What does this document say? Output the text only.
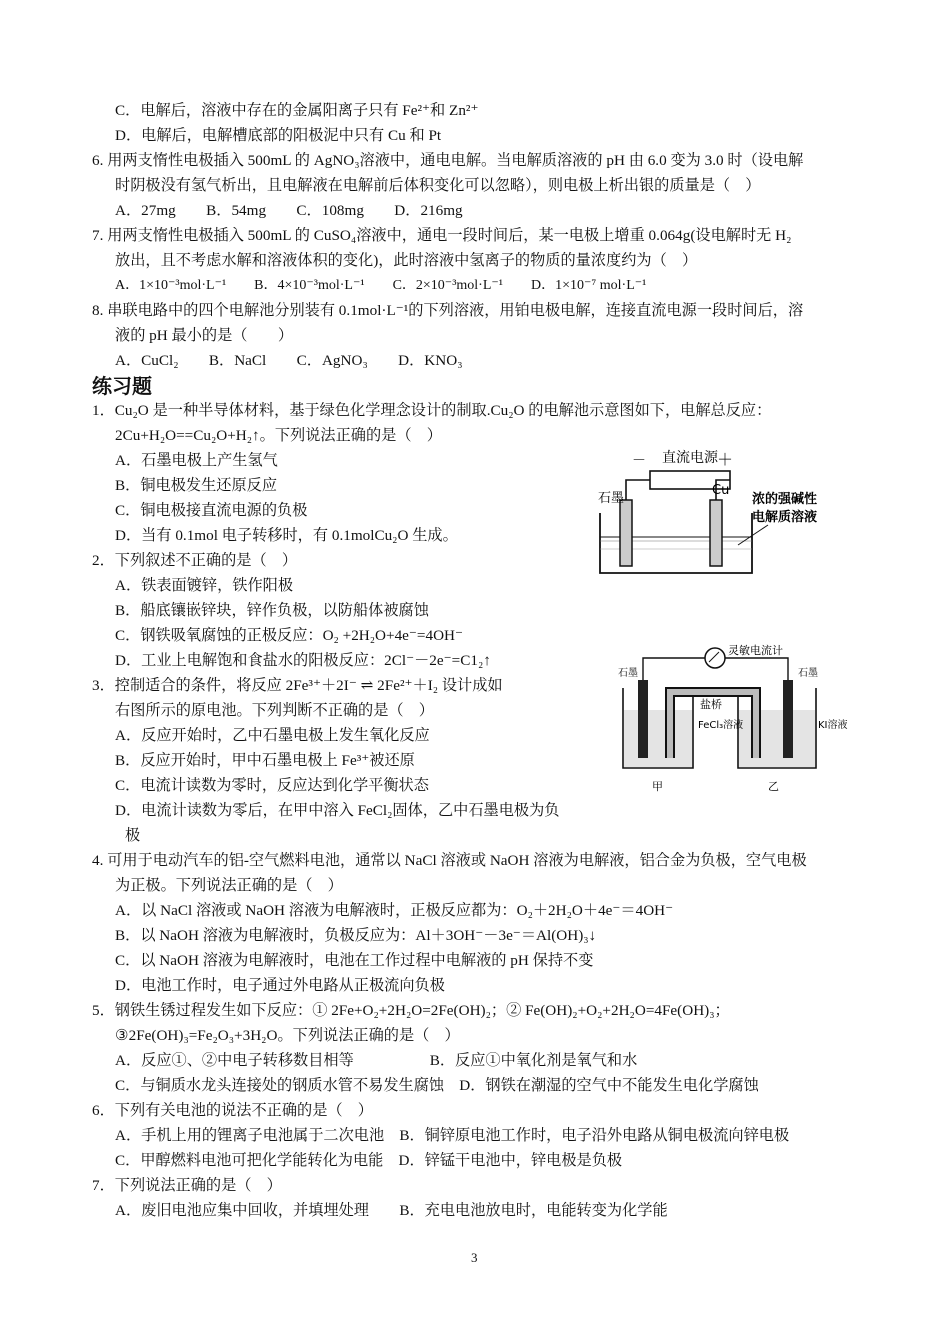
C．电解后，溶液中存在的金属阳离子只有 Fe²⁺和 Zn²⁺
D．电解后，电解槽底部的阳极泥中只有 Cu 和 Pt
6. 用两支惰性电极插入 500mL 的 AgNO₃溶液中，通电电解。当电解质溶液的 pH 由 6.0 变为 3.0 时（设电解
时阴极没有氢气析出，且电解液在电解前后体积变化可以忽略），则电极上析出银的质量是（　）
A．27mg　　B．54mg　　C．108mg　　D．216mg
7. 用两支惰性电极插入 500mL 的 CuSO₄溶液中，通电一段时间后，某一电极上增重 0.064g(设电解时无 H₂
放出，且不考虑水解和溶液体积的变化)，此时溶液中氢离子的物质的量浓度约为（　）
A．1×10⁻³mol·L⁻¹　　B．4×10⁻³mol·L⁻¹　　C．2×10⁻³mol·L⁻¹　　D．1×10⁻⁷ mol·L⁻¹
8. 串联电路中的四个电解池分别装有 0.1mol·L⁻¹的下列溶液，用铂电极电解，连接直流电源一段时间后，溶
液的 pH 最小的是（　　）
A．CuCl₂　　B．NaCl　　C．AgNO₃　　D．KNO₃
练习题
1．Cu₂O 是一种半导体材料，基于绿色化学理念设计的制取.Cu₂O 的电解池示意图如下，电解总反应：
2Cu+H₂O==Cu₂O+H₂↑。下列说法正确的是（　）
A．石墨电极上产生氢气
B．铜电极发生还原反应
C．铜电极接直流电源的负极
D．当有 0.1mol 电子转移时，有 0.1molCu₂O 生成。
2．下列叙述不正确的是（　）
A．铁表面镀锌，铁作阳极
B．船底镶嵌锌块，锌作负极，以防船体被腐蚀
C．钢铁吸氧腐蚀的正极反应：O₂ +2H₂O+4e⁻=4OH⁻
D．工业上电解饱和食盐水的阳极反应：2Cl⁻－2e⁻=C1₂↑
3．控制适合的条件，将反应 2Fe³⁺＋2I⁻ ⇌ 2Fe²⁺＋I₂ 设计成如
右图所示的原电池。下列判断不正确的是（　）
A．反应开始时，乙中石墨电极上发生氧化反应
B．反应开始时，甲中石墨电极上 Fe³⁺被还原
C．电流计读数为零时，反应达到化学平衡状态
D．电流计读数为零后，在甲中溶入 FeCl₂固体，乙中石墨电极为负
极
4. 可用于电动汽车的铝-空气燃料电池，通常以 NaCl 溶液或 NaOH 溶液为电解液，铝合金为负极，空气电极
为正极。下列说法正确的是（　）
A．以 NaCl 溶液或 NaOH 溶液为电解液时，正极反应都为：O₂＋2H₂O＋4e⁻＝4OH⁻
B．以 NaOH 溶液为电解液时，负极反应为：Al＋3OH⁻－3e⁻＝Al(OH)₃↓
C．以 NaOH 溶液为电解液时，电池在工作过程中电解液的 pH 保持不变
D．电池工作时，电子通过外电路从正极流向负极
5．钢铁生锈过程发生如下反应：① 2Fe+O₂+2H₂O=2Fe(OH)₂；② Fe(OH)₂+O₂+2H₂O=4Fe(OH)₃；
③2Fe(OH)₃=Fe₂O₃+3H₂O。下列说法正确的是（　）
A．反应①、②中电子转移数目相等　　　　　B．反应①中氧化剂是氧气和水
C．与铜质水龙头连接处的钢质水管不易发生腐蚀　D．钢铁在潮湿的空气中不能发生电化学腐蚀
6．下列有关电池的说法不正确的是（　）
A．手机上用的锂离子电池属于二次电池　B．铜锌原电池工作时，电子沿外电路从铜电极流向锌电极
C．甲醇燃料电池可把化学能转化为电能　D．锌锰干电池中，锌电极是负极
7．下列说法正确的是（　）
A．废旧电池应集中回收，并填埋处理　　B．充电电池放电时，电能转变为化学能
直流电源
－	＋
石墨
Cu
浓的强碱性
电解质溶液
灵敏电流计
石墨	石墨
盐桥
FeCl₃溶液	KI溶液
甲	乙
3
